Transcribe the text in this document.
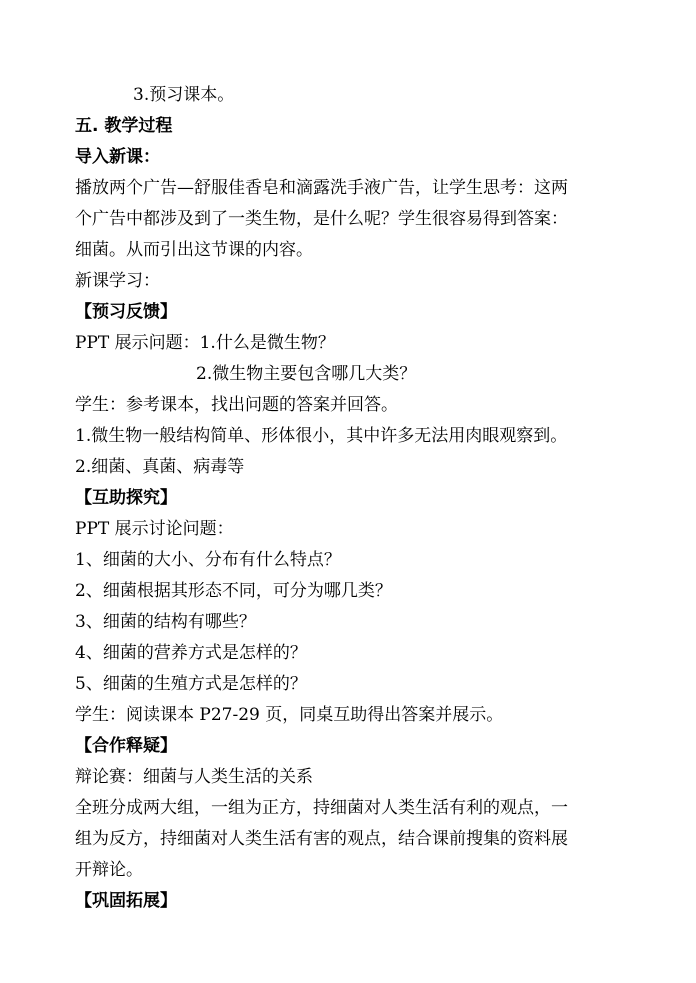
3.预习课本。
五. 教学过程
导入新课：
播放两个广告—舒服佳香皂和滴露洗手液广告，让学生思考：这两
个广告中都涉及到了一类生物，是什么呢？学生很容易得到答案：
细菌。从而引出这节课的内容。
新课学习：
【预习反馈】
PPT 展示问题：1.什么是微生物？
2.微生物主要包含哪几大类？
学生：参考课本，找出问题的答案并回答。
1.微生物一般结构简单、形体很小，其中许多无法用肉眼观察到。
2.细菌、真菌、病毒等
【互助探究】
PPT 展示讨论问题：
1、细菌的大小、分布有什么特点？
2、细菌根据其形态不同，可分为哪几类？
3、细菌的结构有哪些？
4、细菌的营养方式是怎样的？
5、细菌的生殖方式是怎样的？
学生：阅读课本 P27-29 页，同桌互助得出答案并展示。
【合作释疑】
辩论赛：细菌与人类生活的关系
全班分成两大组，一组为正方，持细菌对人类生活有利的观点，一
组为反方，持细菌对人类生活有害的观点，结合课前搜集的资料展
开辩论。
【巩固拓展】
